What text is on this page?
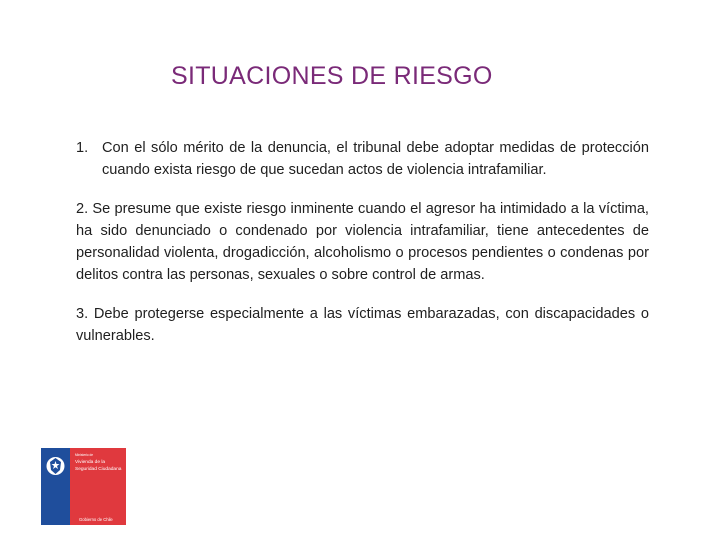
SITUACIONES DE RIESGO
1. Con el sólo mérito de la denuncia, el tribunal debe adoptar medidas de protección cuando exista riesgo de que sucedan actos de violencia intrafamiliar.
2. Se presume que existe riesgo inminente cuando el agresor ha intimidado a la víctima, ha sido denunciado o condenado por violencia intrafamiliar, tiene antecedentes de personalidad violenta, drogadicción, alcoholismo o procesos pendientes o condenas por delitos contra las personas, sexuales o sobre control de armas.
3. Debe protegerse especialmente a las víctimas embarazadas, con discapacidades o vulnerables.
Ministerio de
Vivienda de la
Seguridad Ciudadana
Gobierno de Chile
